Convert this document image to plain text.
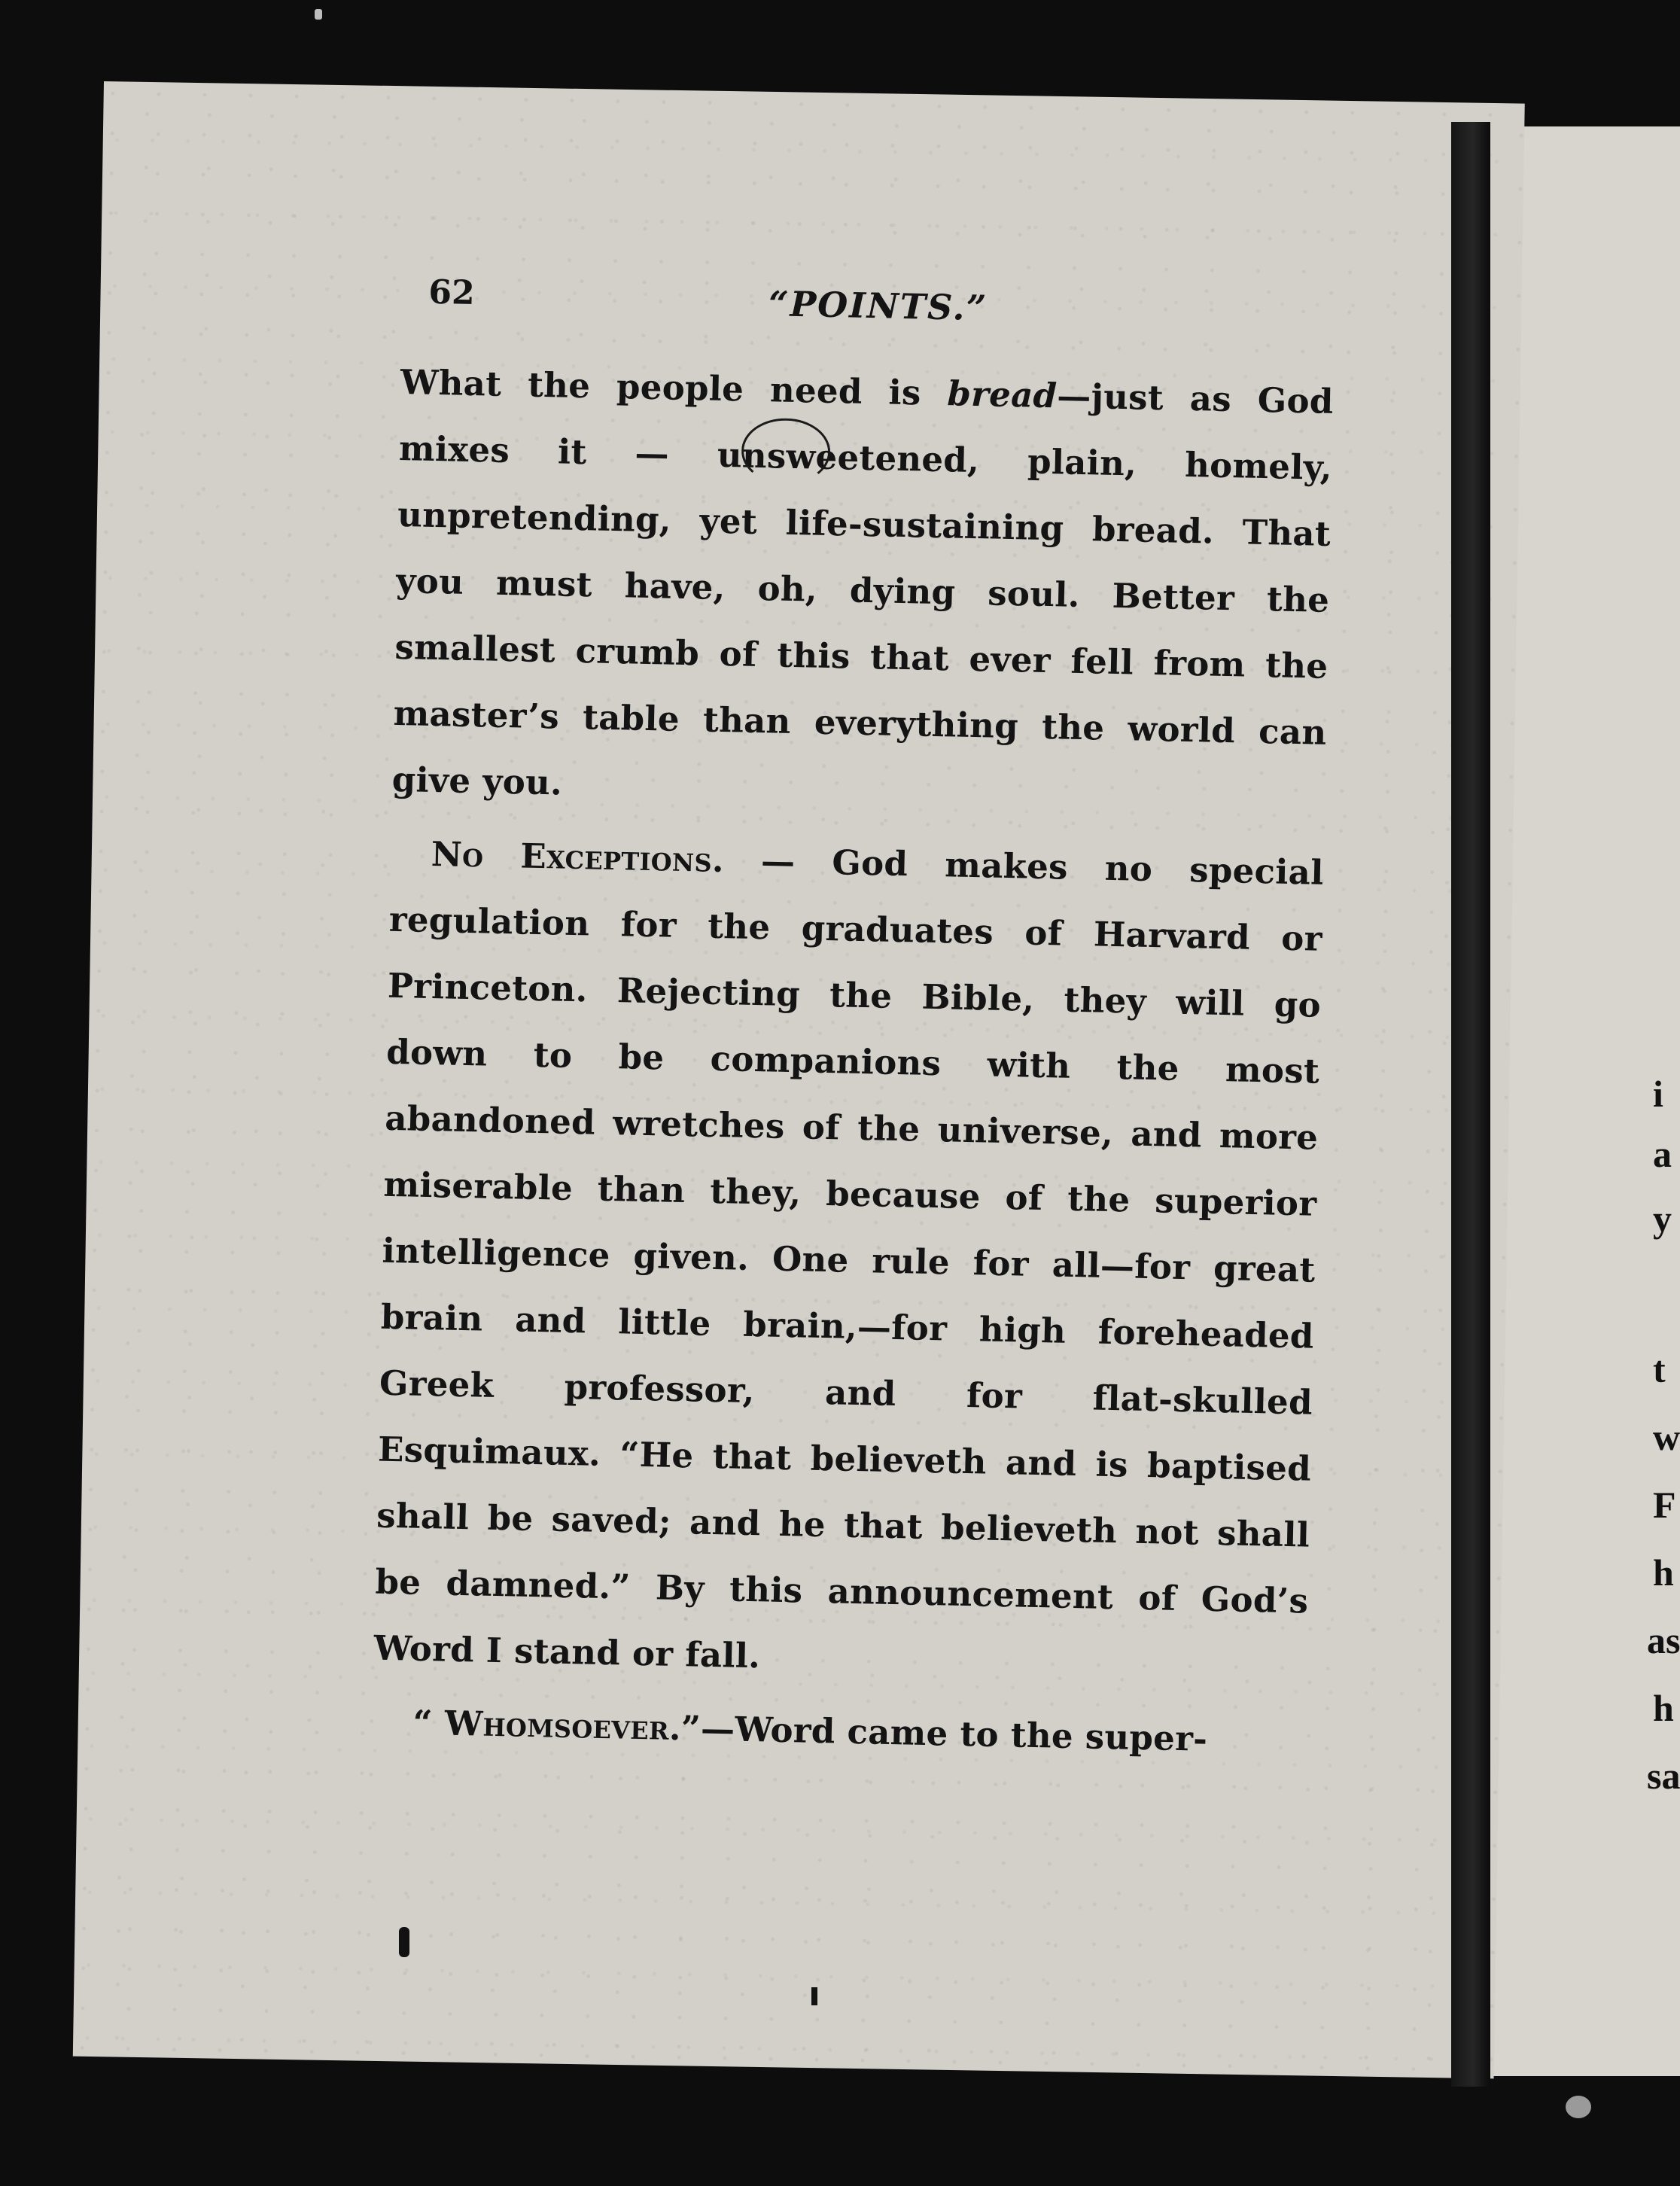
i
a
y
t
w
F
h
as
h
sa
62	“POINTS.”

What the people need is bread—just as God mixes it — unsweetened, plain, homely, unpretending, yet life-sustaining bread. That you must have, oh, dying soul. Better the smallest crumb of this that ever fell from the master’s table than everything the world can give you.

No Exceptions. — God makes no special regulation for the graduates of Harvard or Princeton. Rejecting the Bible, they will go down to be companions with the most abandoned wretches of the universe, and more miserable than they, because of the superior intelligence given. One rule for all—for great brain and little brain,—for high foreheaded Greek professor, and for flat-skulled Esquimaux. “He that believeth and is baptised shall be saved; and he that believeth not shall be damned.” By this announcement of God’s Word I stand or fall.

“ Whomsoever.”—Word came to the super-
